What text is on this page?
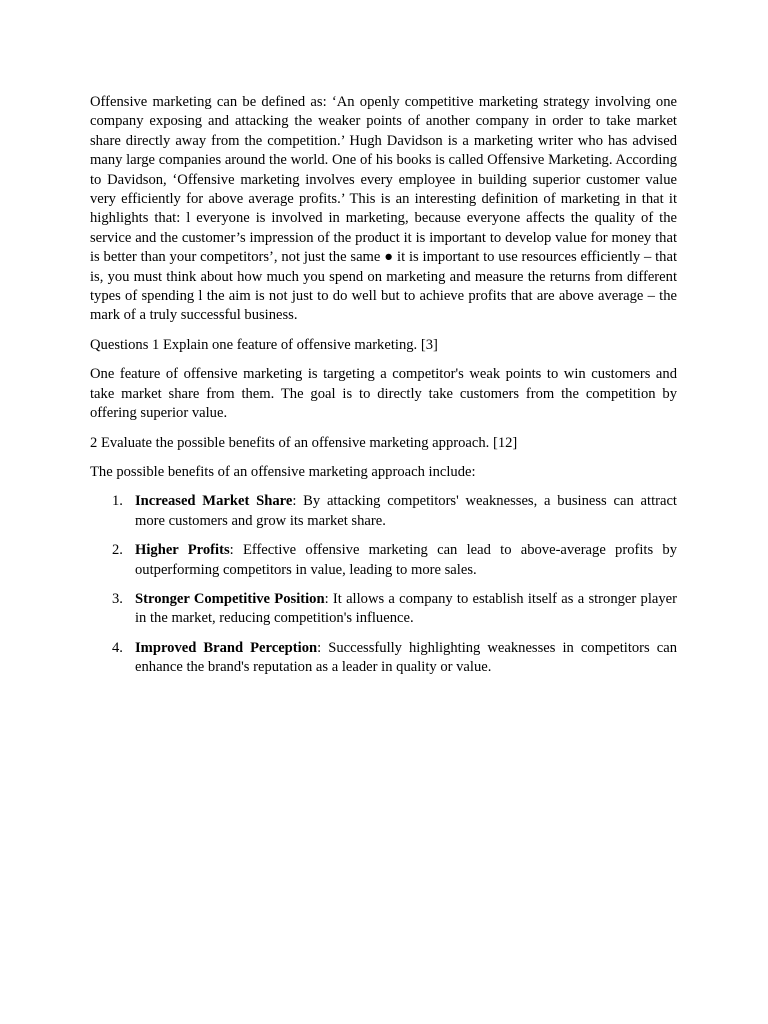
Offensive marketing can be defined as: ‘An openly competitive marketing strategy involving one company exposing and attacking the weaker points of another company in order to take market share directly away from the competition.’ Hugh Davidson is a marketing writer who has advised many large companies around the world. One of his books is called Offensive Marketing. According to Davidson, ‘Offensive marketing involves every employee in building superior customer value very efficiently for above average profits.’ This is an interesting definition of marketing in that it highlights that: l everyone is involved in marketing, because everyone affects the quality of the service and the customer’s impression of the product it is important to develop value for money that is better than your competitors’, not just the same ● it is important to use resources efficiently – that is, you must think about how much you spend on marketing and measure the returns from different types of spending l the aim is not just to do well but to achieve profits that are above average – the mark of a truly successful business.

Questions 1 Explain one feature of offensive marketing. [3]

One feature of offensive marketing is targeting a competitor's weak points to win customers and take market share from them. The goal is to directly take customers from the competition by offering superior value.

2 Evaluate the possible benefits of an offensive marketing approach. [12]

The possible benefits of an offensive marketing approach include:

1. Increased Market Share: By attacking competitors' weaknesses, a business can attract more customers and grow its market share.
2. Higher Profits: Effective offensive marketing can lead to above-average profits by outperforming competitors in value, leading to more sales.
3. Stronger Competitive Position: It allows a company to establish itself as a stronger player in the market, reducing competition's influence.
4. Improved Brand Perception: Successfully highlighting weaknesses in competitors can enhance the brand's reputation as a leader in quality or value.
